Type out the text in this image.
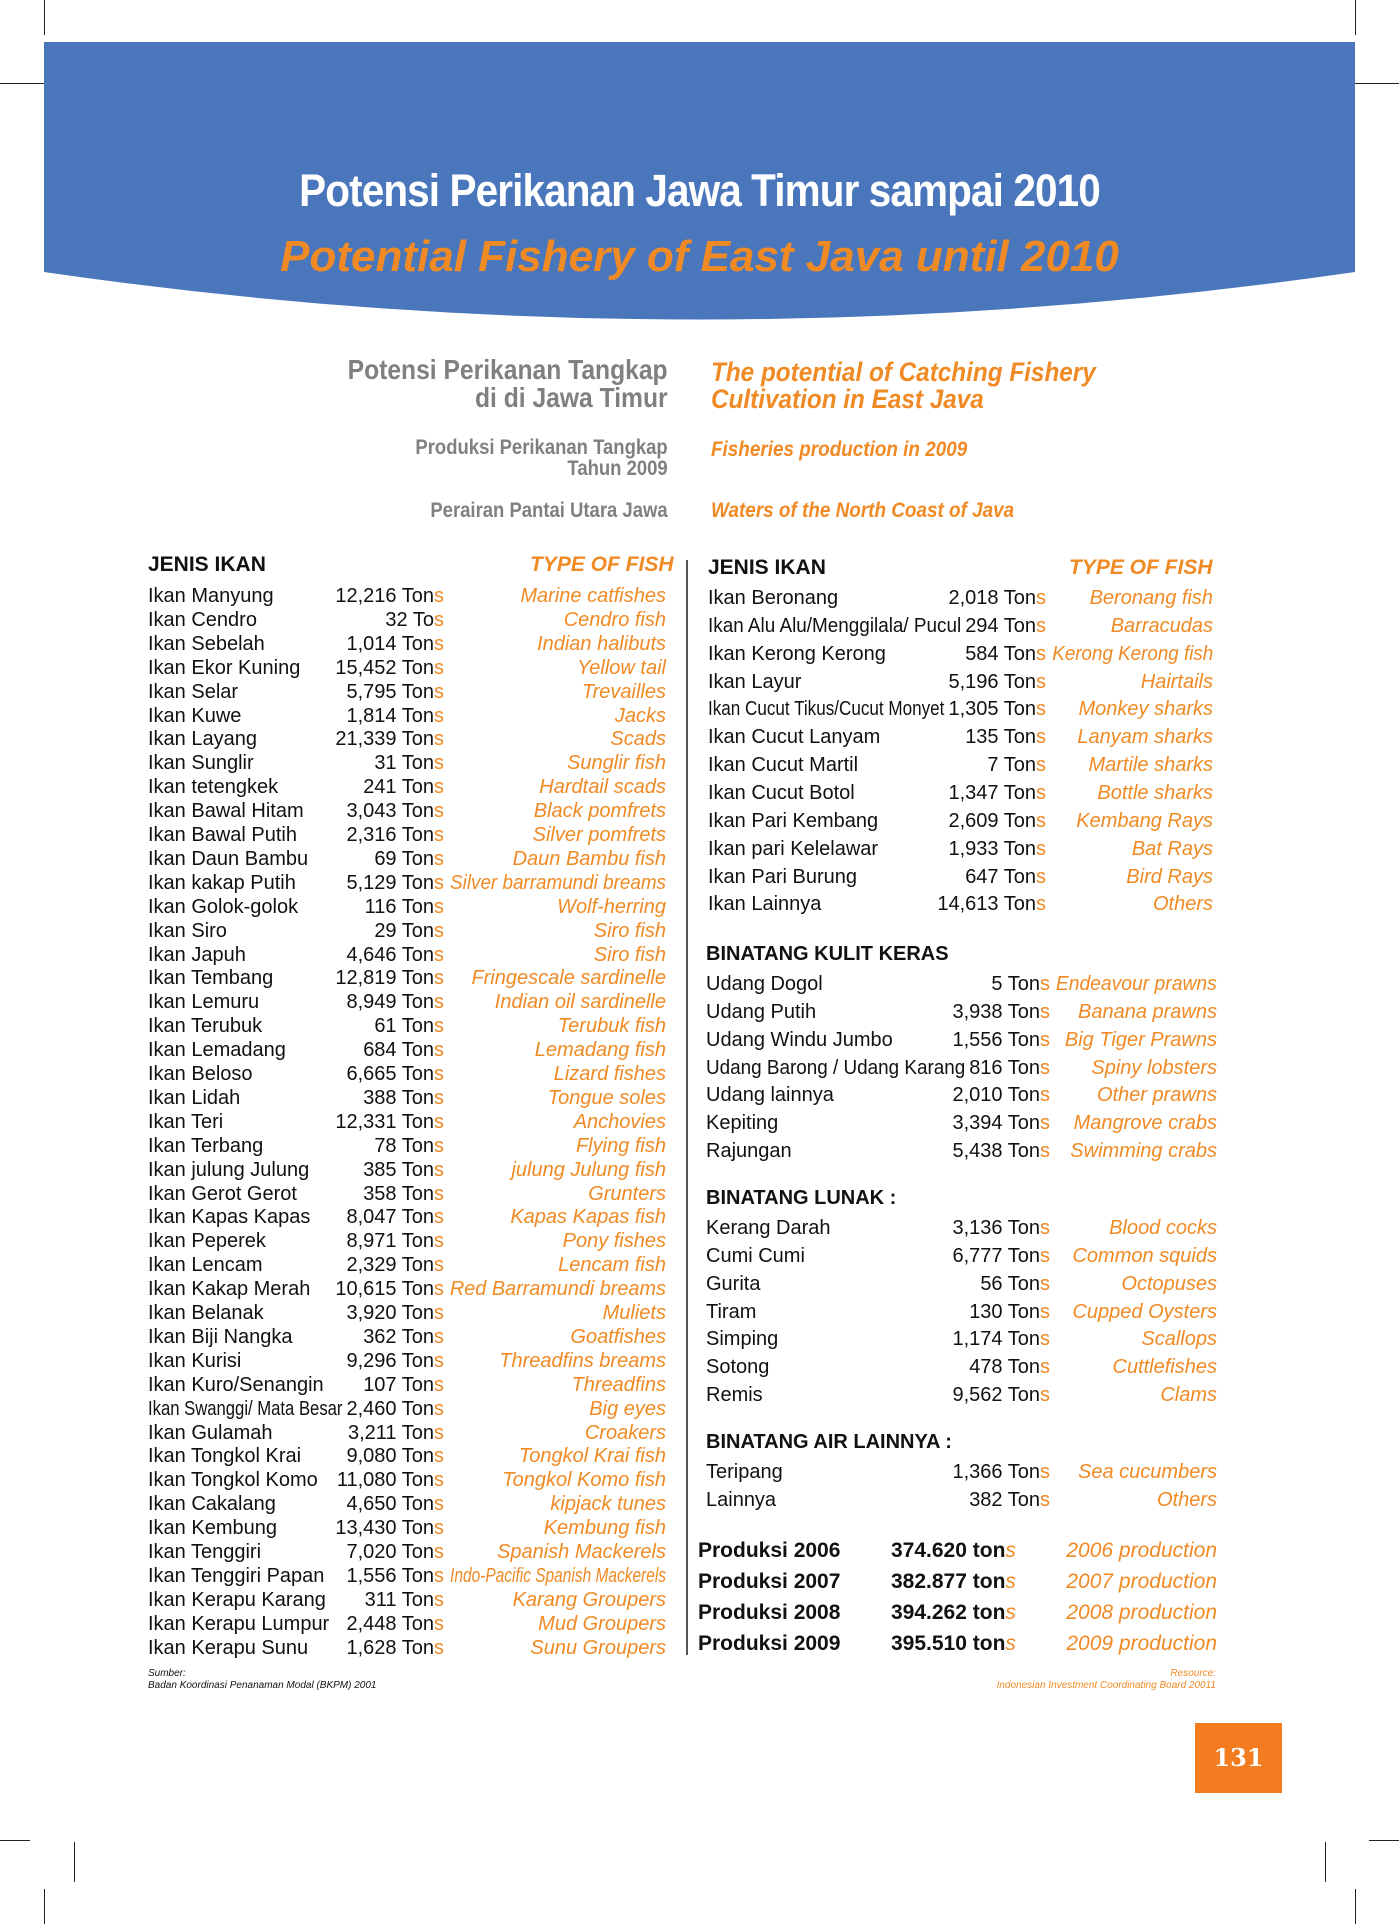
Potensi Perikanan Jawa Timur sampai 2010
Potential Fishery of East Java until 2010
Potensi Perikanan Tangkap
di di Jawa Timur
The potential of Catching Fishery
Cultivation in East Java
Produksi Perikanan Tangkap
Tahun 2009
Fisheries production in 2009
Perairan Pantai Utara Jawa Waters of the North Coast of Java
JENIS IKAN	TYPE OF FISH JENIS IKAN	TYPE OF FISH
Ikan Manyung	12,216 Tons	Marine catfishes
Ikan Cendro	32 Tos	Cendro fish
Ikan Sebelah	1,014 Tons	Indian halibuts
Ikan Ekor Kuning 15,452 Tons	Yellow tail
Ikan Selar	5,795 Tons	Trevailles
Ikan Kuwe	1,814 Tons	Jacks
Ikan Layang	21,339 Tons	Scads
Ikan Sunglir	31 Tons	Sunglir fish
Ikan tetengkek	241 Tons	Hardtail scads
Ikan Bawal Hitam 3,043 Tons	Black pomfrets
Ikan Bawal Putih 2,316 Tons	Silver pomfrets
Ikan Daun Bambu	69 Tons	Daun Bambu fish
Ikan kakap Putih	5,129 Tons Silver barramundi breams
Ikan Golok-golok	116 Tons	Wolf-herring
Ikan Siro	29 Tons	Siro fish
Ikan Japuh	4,646 Tons	Siro fish
Ikan Tembang	12,819 Tons Fringescale sardinelle
Ikan Lemuru	8,949 Tons	Indian oil sardinelle
Ikan Terubuk	61 Tons	Terubuk fish
Ikan Lemadang	684 Tons	Lemadang fish
Ikan Beloso	6,665 Tons	Lizard fishes
Ikan Lidah	388 Tons	Tongue soles
Ikan Teri	12,331 Tons	Anchovies
Ikan Terbang	78 Tons	Flying fish
Ikan julung Julung	385 Tons	julung Julung fish
Ikan Gerot Gerot	358 Tons	Grunters
Ikan Kapas Kapas 8,047 Tons	Kapas Kapas fish
Ikan Peperek	8,971 Tons	Pony fishes
Ikan Lencam	2,329 Tons	Lencam fish
Ikan Kakap Merah 10,615 Tons Red Barramundi breams
Ikan Belanak	3,920 Tons	Muliets
Ikan Biji Nangka	362 Tons	Goatfishes
Ikan Kurisi	9,296 Tons	Threadfins breams
Ikan Kuro/Senangin 107 Tons	Threadfins
Ikan Swanggi/ Mata Besar 2,460 Tons	Big eyes
Ikan Gulamah	3,211 Tons	Croakers
Ikan Tongkol Krai 9,080 Tons	Tongkol Krai fish
Ikan Tongkol Komo 11,080 Tons	Tongkol Komo fish
Ikan Cakalang	4,650 Tons	kipjack tunes
Ikan Kembung	13,430 Tons	Kembung fish
Ikan Tenggiri	7,020 Tons	Spanish Mackerels
Ikan Tenggiri Papan 1,556 Tons Indo-Pacific Spanish Mackerels
Ikan Kerapu Karang 311 Tons	Karang Groupers
Ikan Kerapu Lumpur 2,448 Tons	Mud Groupers
Ikan Kerapu Sunu 1,628 Tons	Sunu Groupers
Ikan Beronang	2,018 Tons Beronang fish
Ikan Alu Alu/Menggilala/ Pucul 294 Tons	Barracudas
Ikan Kerong Kerong	584 Tons Kerong Kerong fish
Ikan Layur	5,196 Tons	Hairtails
Ikan Cucut Tikus/Cucut Monyet 1,305 Tons Monkey sharks
Ikan Cucut Lanyam	135 Tons Lanyam sharks
Ikan Cucut Martil	7 Tons Martile sharks
Ikan Cucut Botol	1,347 Tons	Bottle sharks
Ikan Pari Kembang	2,609 Tons Kembang Rays
Ikan pari Kelelawar	1,933 Tons	Bat Rays
Ikan Pari Burung	647 Tons	Bird Rays
Ikan Lainnya	14,613 Tons	Others
Udang Dogol	5 Tons Endeavour prawns
Udang Putih	3,938 Tons Banana prawns
Udang Windu Jumbo	1,556 Tons Big Tiger Prawns
Udang Barong / Udang Karang 816 Tons Spiny lobsters
Udang lainnya	2,010 Tons Other prawns
Kepiting	3,394 Tons Mangrove crabs
Rajungan	5,438 Tons Swimming crabs
Kerang Darah	3,136 Tons	Blood cocks
Cumi Cumi	6,777 Tons Common squids
Gurita	56 Tons	Octopuses
Tiram	130 Tons Cupped Oysters
Simping	1,174 Tons	Scallops
Sotong	478 Tons	Cuttlefishes
Remis	9,562 Tons	Clams
Teripang	1,366 Tons Sea cucumbers
Lainnya	382 Tons	Others
BINATANG KULIT KERAS
BINATANG LUNAK :
BINATANG AIR LAINNYA :
Produksi 2006 374.620 tons 2006 production
Produksi 2007 382.877 tons 2007 production
Produksi 2008 394.262 tons 2008 production
Produksi 2009 395.510 tons 2009 production
Sumber:
Badan Koordinasi Penanaman Modal (BKPM) 2001
Resource:
Indonesian Investment Coordinating Board 20011
131
